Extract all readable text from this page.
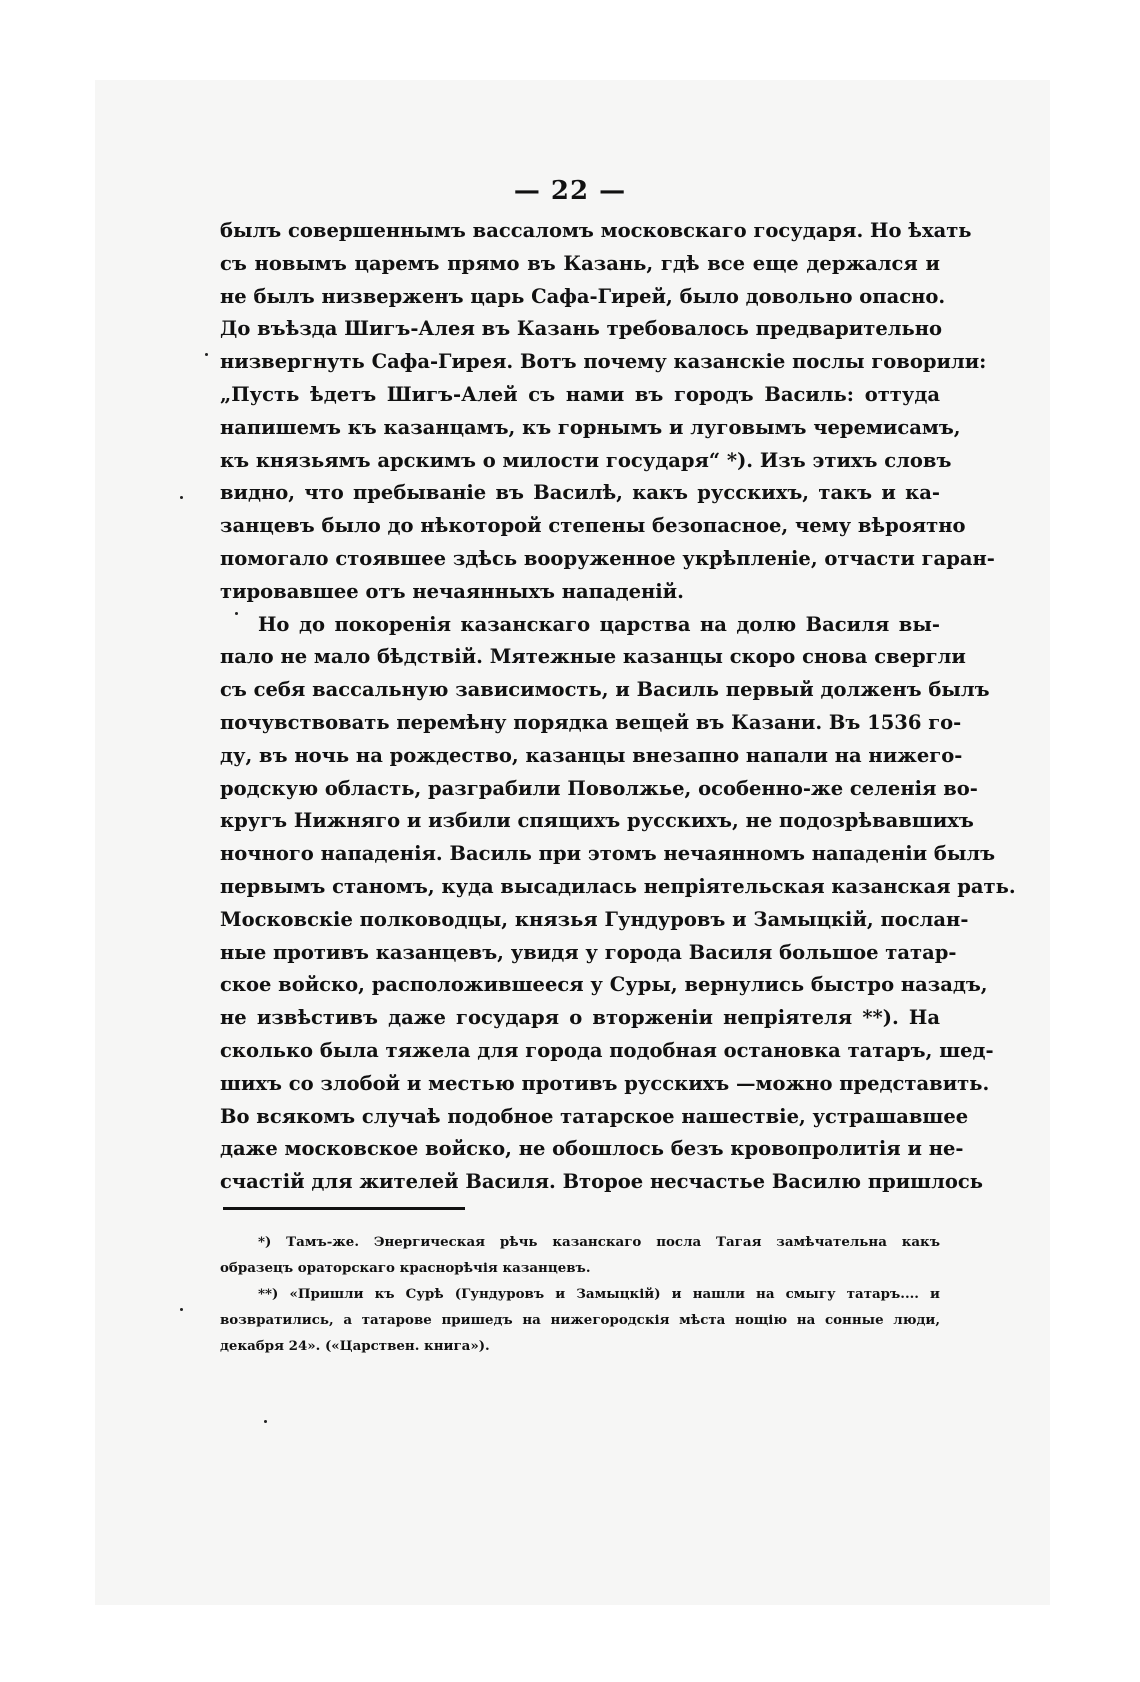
— 22 —
былъ совершеннымъ вассаломъ московскаго государя. Но ѣхать
съ новымъ царемъ прямо въ Казань, гдѣ все еще держался и
не былъ низверженъ царь Сафа-Гирей, было довольно опасно.
До въѣзда Шигъ-Алея въ Казань требовалось предварительно
низвергнуть Сафа-Гирея. Вотъ почему казанскіе послы говорили:
„Пусть ѣдетъ Шигъ-Алей съ нами въ городъ Василь: оттуда
напишемъ къ казанцамъ, къ горнымъ и луговымъ черемисамъ,
къ князьямъ арскимъ о милости государя“ *). Изъ этихъ словъ
видно, что пребываніе въ Василѣ, какъ русскихъ, такъ и ка-
занцевъ было до нѣкоторой степены безопасное, чему вѣроятно
помогало стоявшее здѣсь вооруженное укрѣпленіе, отчасти гаран-
тировавшее отъ нечаянныхъ нападеній.
Но до покоренія казанскаго царства на долю Василя вы-
пало не мало бѣдствій. Мятежные казанцы скоро снова свергли
съ себя вассальную зависимость, и Василь первый долженъ былъ
почувствовать перемѣну порядка вещей въ Казани. Въ 1536 го-
ду, въ ночь на рождество, казанцы внезапно напали на нижего-
родскую область, разграбили Поволжье, особенно-же селенія во-
кругъ Нижняго и избили спящихъ русскихъ, не подозрѣвавшихъ
ночного нападенія. Василь при этомъ нечаянномъ нападеніи былъ
первымъ станомъ, куда высадилась непріятельская казанская рать.
Московскіе полководцы, князья Гундуровъ и Замыцкій, послан-
ные противъ казанцевъ, увидя у города Василя большое татар-
ское войско, расположившееся у Суры, вернулись быстро назадъ,
не извѣстивъ даже государя о вторженіи непріятеля **). На
сколько была тяжела для города подобная остановка татаръ, шед-
шихъ со злобой и местью противъ русскихъ —можно представить.
Во всякомъ случаѣ подобное татарское нашествіе, устрашавшее
даже московское войско, не обошлось безъ кровопролитія и не-
счастій для жителей Василя. Второе несчастье Василю пришлось
*) Тамъ-же. Энергическая рѣчь казанскаго посла Тагая замѣчательна какъ
образецъ ораторскаго краснорѣчія казанцевъ.
**) «Пришли къ Сурѣ (Гундуровъ и Замыцкій) и нашли на смыгу татаръ.... и
возвратились, а татарове пришедъ на нижегородскія мѣста нощію на сонные люди,
декабря 24». («Царствен. книга»).
